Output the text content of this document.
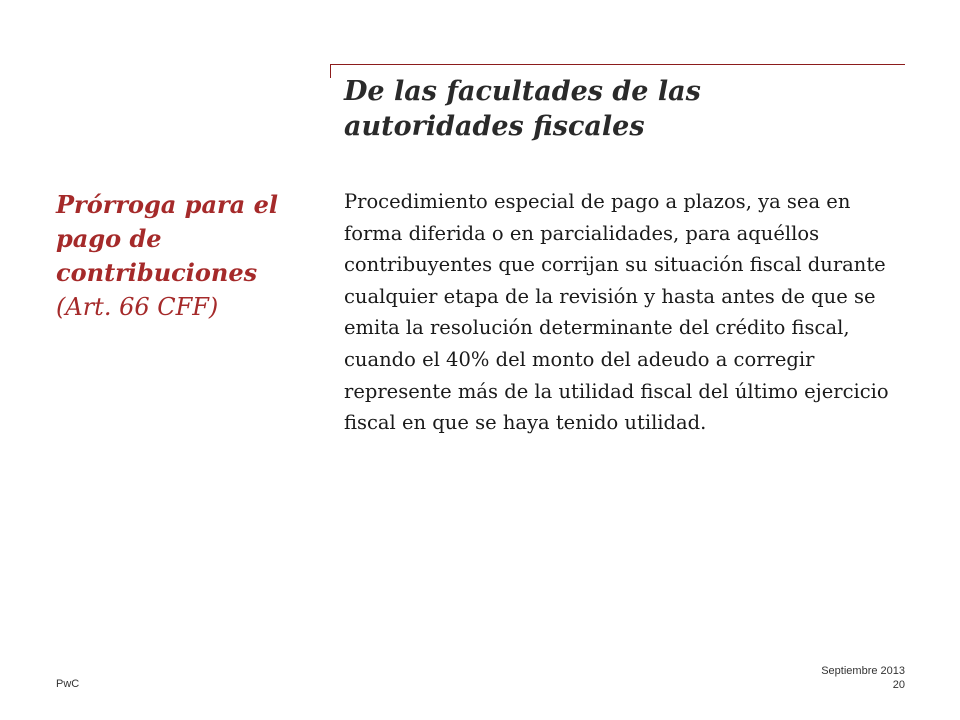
De las facultades de las autoridades fiscales
Prórroga para el pago de contribuciones
(Art. 66 CFF)

Procedimiento especial de pago a plazos, ya sea en forma diferida o en parcialidades, para aquéllos contribuyentes que corrijan su situación fiscal durante cualquier etapa de la revisión y hasta antes de que se emita la resolución determinante del crédito fiscal, cuando el 40% del monto del adeudo a corregir represente más de la utilidad fiscal del último ejercicio fiscal en que se haya tenido utilidad.

PwC
Septiembre 2013
20
